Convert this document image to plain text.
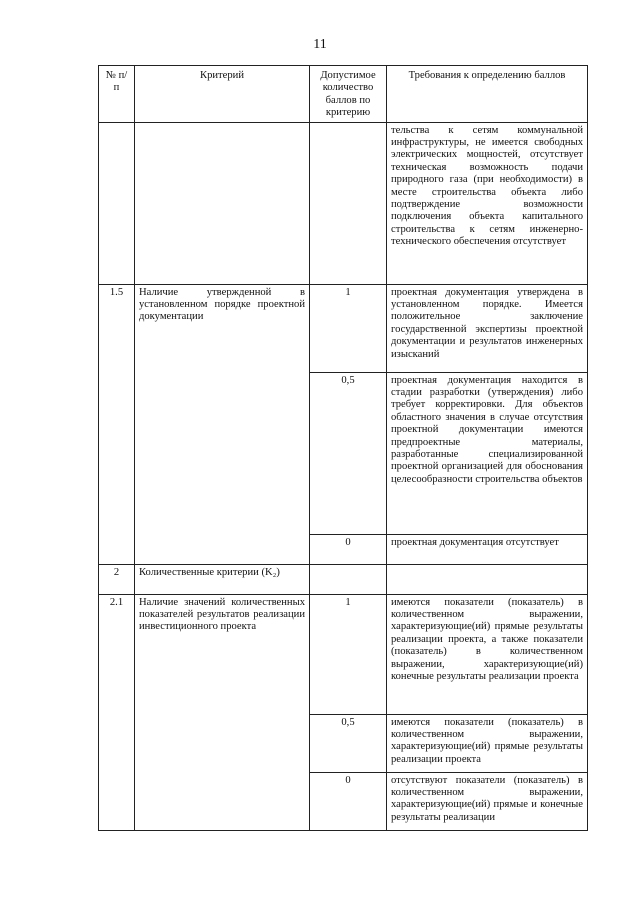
11
№ п/п	Критерий	Допустимое количество баллов по критерию	Требования к определению баллов
			тельства к сетям коммунальной инфраструктуры, не имеется свободных электрических мощностей, отсутствует техническая возможность подачи природного газа (при необходимости) в месте строительства объекта либо подтверждение возможности подключения объекта капитального строительства к сетям инженерно-технического обеспечения отсутствует
1.5	Наличие утвержденной в установленном порядке проектной документации	1	проектная документация утверждена в установленном порядке. Имеется положительное заключение государственной экспертизы проектной документации и результатов инженерных изысканий
		0,5	проектная документация находится в стадии разработки (утверждения) либо требует корректировки. Для объектов областного значения в случае отсутствия проектной документации имеются предпроектные материалы, разработанные специализированной проектной организацией для обоснования целесообразности строительства объектов
		0	проектная документация отсутствует
2	Количественные критерии (K₂)		
2.1	Наличие значений количественных показателей результатов реализации инвестиционного проекта	1	имеются показатели (показатель) в количественном выражении, характеризующие(ий) прямые результаты реализации проекта, а также показатели (показатель) в количественном выражении, характеризующие(ий) конечные результаты реализации проекта
		0,5	имеются показатели (показатель) в количественном выражении, характеризующие(ий) прямые результаты реализации проекта
		0	отсутствуют показатели (показатель) в количественном выражении, характеризующие(ий) прямые и конечные результаты реализации
